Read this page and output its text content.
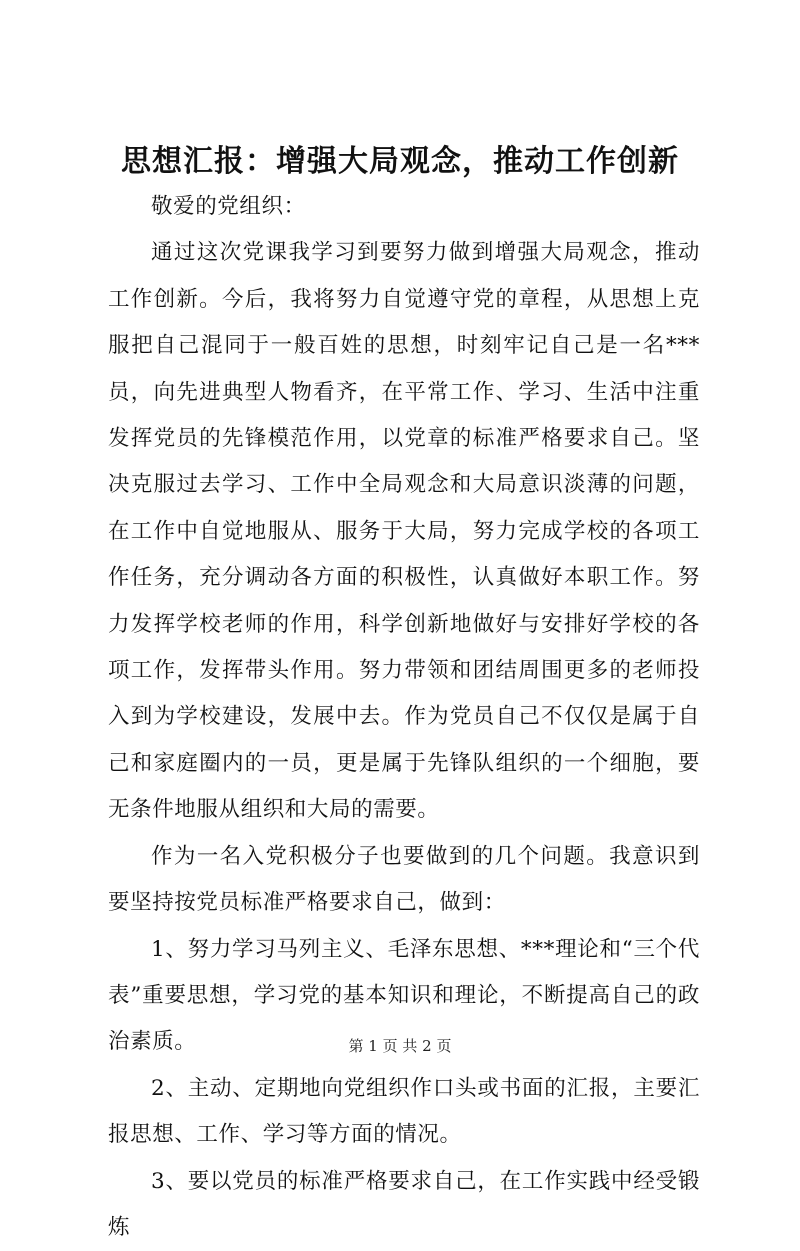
思想汇报：增强大局观念，推动工作创新

敬爱的党组织：

通过这次党课我学习到要努力做到增强大局观念，推动工作创新。今后，我将努力自觉遵守党的章程，从思想上克服把自己混同于一般百姓的思想，时刻牢记自己是一名***员，向先进典型人物看齐，在平常工作、学习、生活中注重发挥党员的先锋模范作用，以党章的标准严格要求自己。坚决克服过去学习、工作中全局观念和大局意识淡薄的问题，在工作中自觉地服从、服务于大局，努力完成学校的各项工作任务，充分调动各方面的积极性，认真做好本职工作。努力发挥学校老师的作用，科学创新地做好与安排好学校的各项工作，发挥带头作用。努力带领和团结周围更多的老师投入到为学校建设，发展中去。作为党员自己不仅仅是属于自己和家庭圈内的一员，更是属于先锋队组织的一个细胞，要无条件地服从组织和大局的需要。

作为一名入党积极分子也要做到的几个问题。我意识到要坚持按党员标准严格要求自己，做到：

1、努力学习马列主义、毛泽东思想、***理论和“三个代表”重要思想，学习党的基本知识和理论，不断提高自己的政治素质。

2、主动、定期地向党组织作口头或书面的汇报，主要汇报思想、工作、学习等方面的情况。

3、要以党员的标准严格要求自己，在工作实践中经受锻炼

第 1 页 共 2 页
